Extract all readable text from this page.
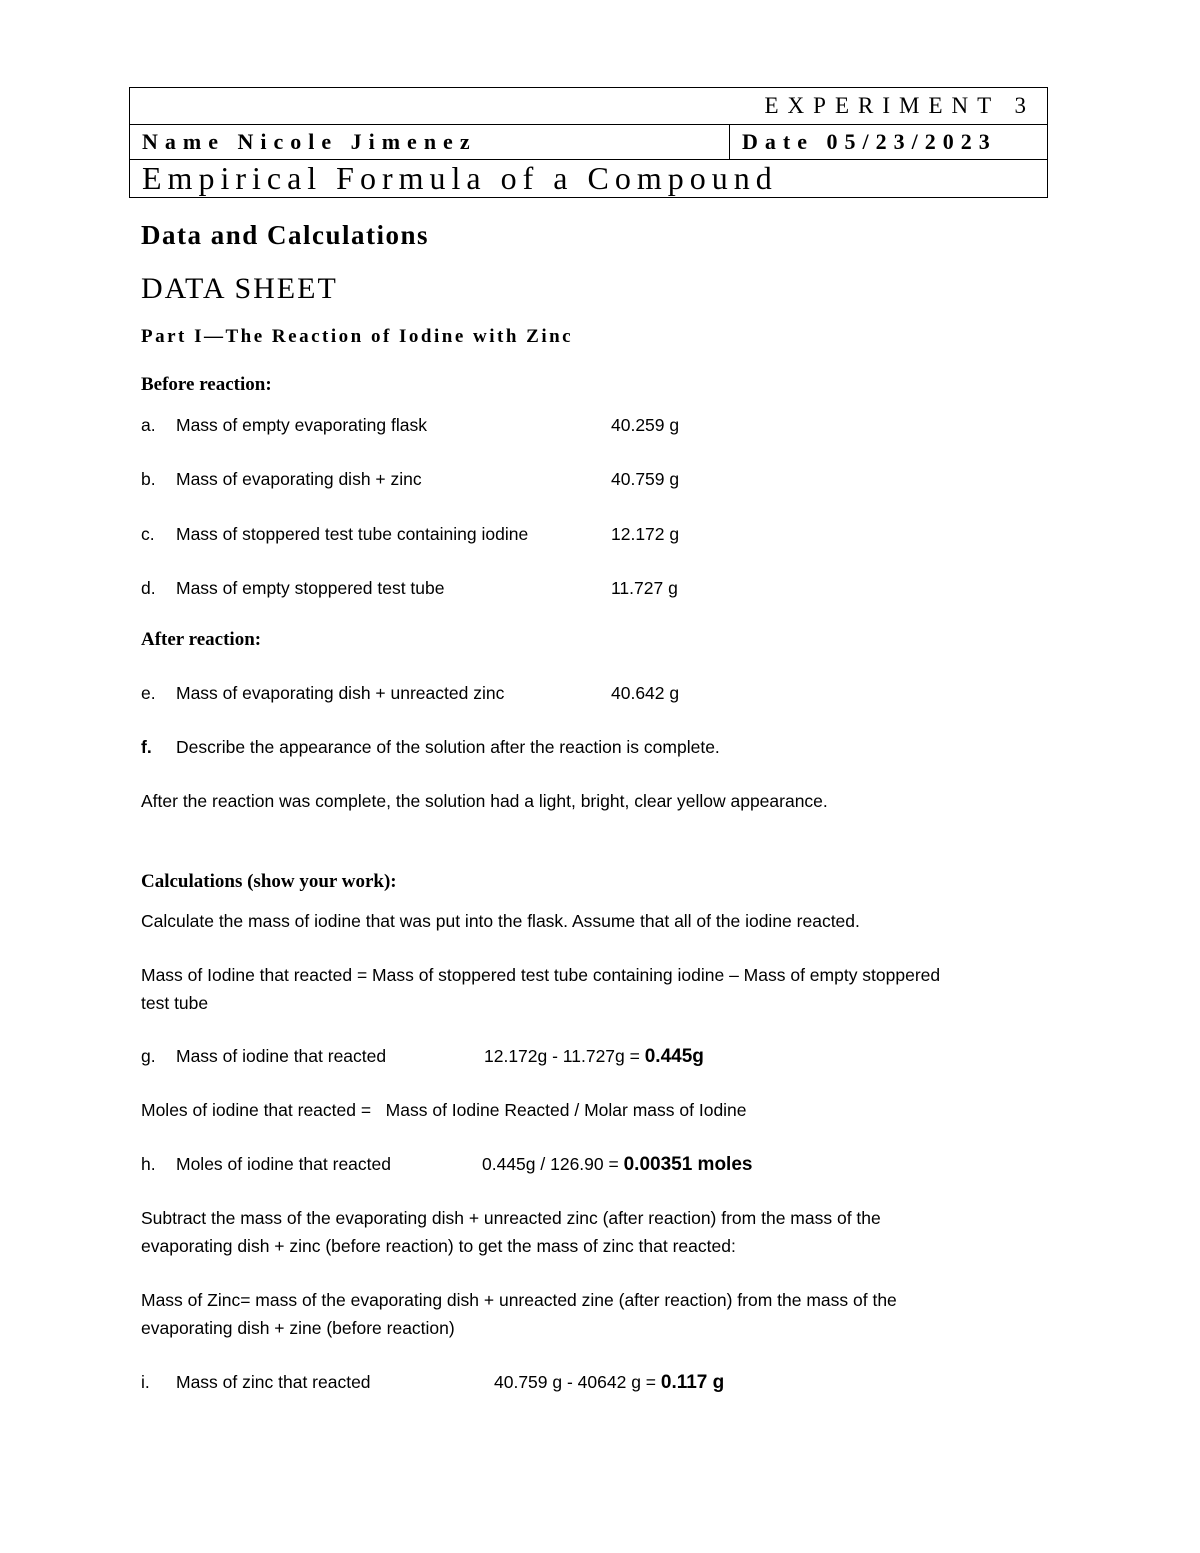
EXPERIMENT 3
Name Nicole Jimenez	Date 05/23/2023
Empirical Formula of a Compound
Data and Calculations
DATA SHEET
Part I—The Reaction of Iodine with Zinc
Before reaction:
a. Mass of empty evaporating flask	40.259 g
b. Mass of evaporating dish + zinc	40.759 g
c. Mass of stoppered test tube containing iodine	12.172 g
d. Mass of empty stoppered test tube	11.727 g
After reaction:
e. Mass of evaporating dish + unreacted zinc	40.642 g
f. Describe the appearance of the solution after the reaction is complete.
After the reaction was complete, the solution had a light, bright, clear yellow appearance.
Calculations (show your work):
Calculate the mass of iodine that was put into the flask. Assume that all of the iodine reacted.
Mass of Iodine that reacted = Mass of stoppered test tube containing iodine – Mass of empty stoppered
test tube
g. Mass of iodine that reacted	12.172g - 11.727g = 0.445g
Moles of iodine that reacted =   Mass of Iodine Reacted / Molar mass of Iodine
h. Moles of iodine that reacted	0.445g / 126.90 = 0.00351 moles
Subtract the mass of the evaporating dish + unreacted zinc (after reaction) from the mass of the
evaporating dish + zinc (before reaction) to get the mass of zinc that reacted:
Mass of Zinc= mass of the evaporating dish + unreacted zine (after reaction) from the mass of the
evaporating dish + zine (before reaction)
i. Mass of zinc that reacted	40.759 g - 40642 g = 0.117 g
